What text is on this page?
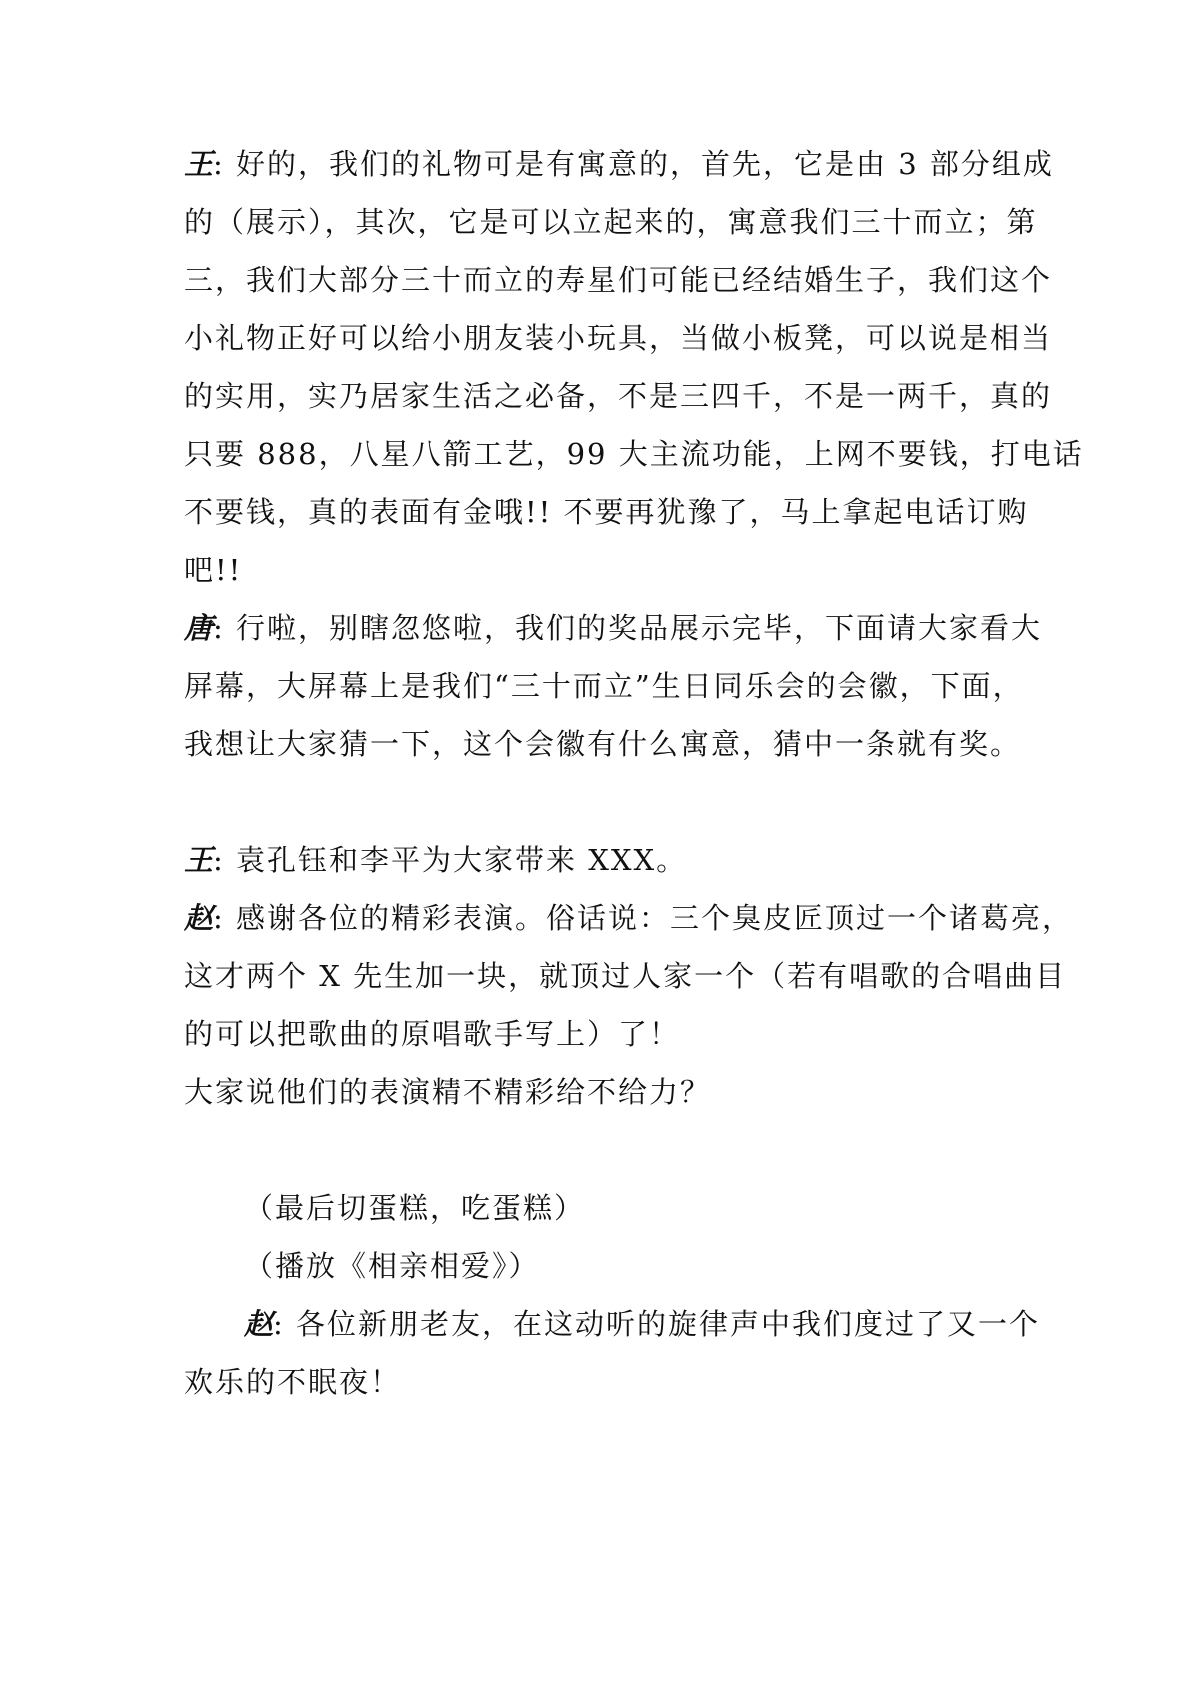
王: 好的，我们的礼物可是有寓意的，首先，它是由 3 部分组成
的（展示），其次，它是可以立起来的，寓意我们三十而立；第
三，我们大部分三十而立的寿星们可能已经结婚生子，我们这个
小礼物正好可以给小朋友装小玩具，当做小板凳，可以说是相当
的实用，实乃居家生活之必备，不是三四千，不是一两千，真的
只要 888，八星八箭工艺，99 大主流功能，上网不要钱，打电话
不要钱，真的表面有金哦!! 不要再犹豫了，马上拿起电话订购
吧!!
唐: 行啦，别瞎忽悠啦，我们的奖品展示完毕，下面请大家看大
屏幕，大屏幕上是我们“三十而立”生日同乐会的会徽，下面，
我想让大家猜一下，这个会徽有什么寓意，猜中一条就有奖。
王: 袁孔钰和李平为大家带来 XXX。
赵: 感谢各位的精彩表演。俗话说：三个臭皮匠顶过一个诸葛亮，
这才两个 X 先生加一块，就顶过人家一个（若有唱歌的合唱曲目
的可以把歌曲的原唱歌手写上）了！
大家说他们的表演精不精彩给不给力？
（最后切蛋糕，吃蛋糕）
（播放《相亲相爱》）
赵: 各位新朋老友，在这动听的旋律声中我们度过了又一个
欢乐的不眠夜！
